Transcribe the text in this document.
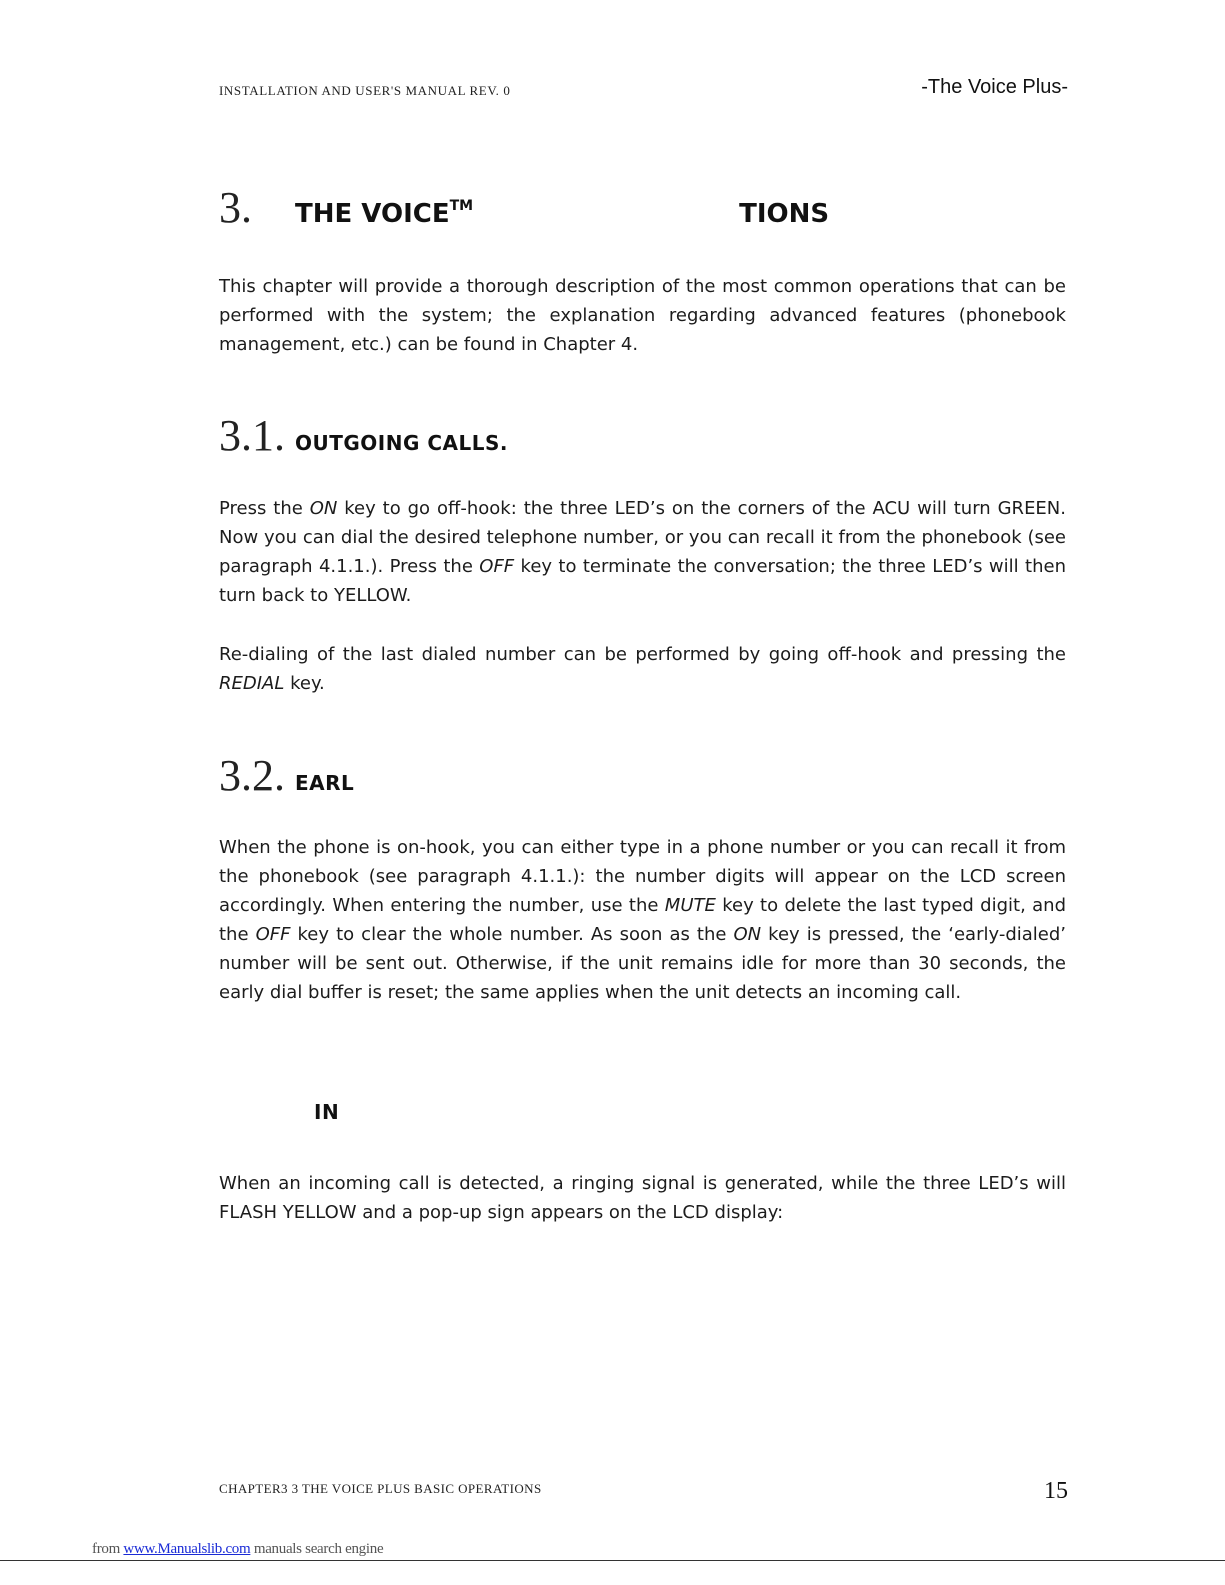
INSTALLATION AND USER'S MANUAL REV. 0	-The Voice Plus-
3.	THE VOICE™	TIONS

This chapter will provide a thorough description of the most common operations that can be performed with the system; the explanation regarding advanced features (phonebook management, etc.) can be found in Chapter 4.

3.1. OUTGOING CALLS.

Press the ON key to go off-hook: the three LED’s on the corners of the ACU will turn GREEN. Now you can dial the desired telephone number, or you can recall it from the phonebook (see paragraph 4.1.1.). Press the OFF key to terminate the conversation; the three LED’s will then turn back to YELLOW.

Re-dialing of the last dialed number can be performed by going off-hook and pressing the REDIAL key.

3.2. EARL

When the phone is on-hook, you can either type in a phone number or you can recall it from the phonebook (see paragraph 4.1.1.): the number digits will appear on the LCD screen accordingly. When entering the number, use the MUTE key to delete the last typed digit, and the OFF key to clear the whole number. As soon as the ON key is pressed, the ‘early-dialed’ number will be sent out. Otherwise, if the unit remains idle for more than 30 seconds, the early dial buffer is reset; the same applies when the unit detects an incoming call.

IN

When an incoming call is detected, a ringing signal is generated, while the three LED’s will FLASH YELLOW and a pop-up sign appears on the LCD display:

CHAPTER3 3 THE VOICE PLUS BASIC OPERATIONS	15
from www.Manualslib.com manuals search engine
